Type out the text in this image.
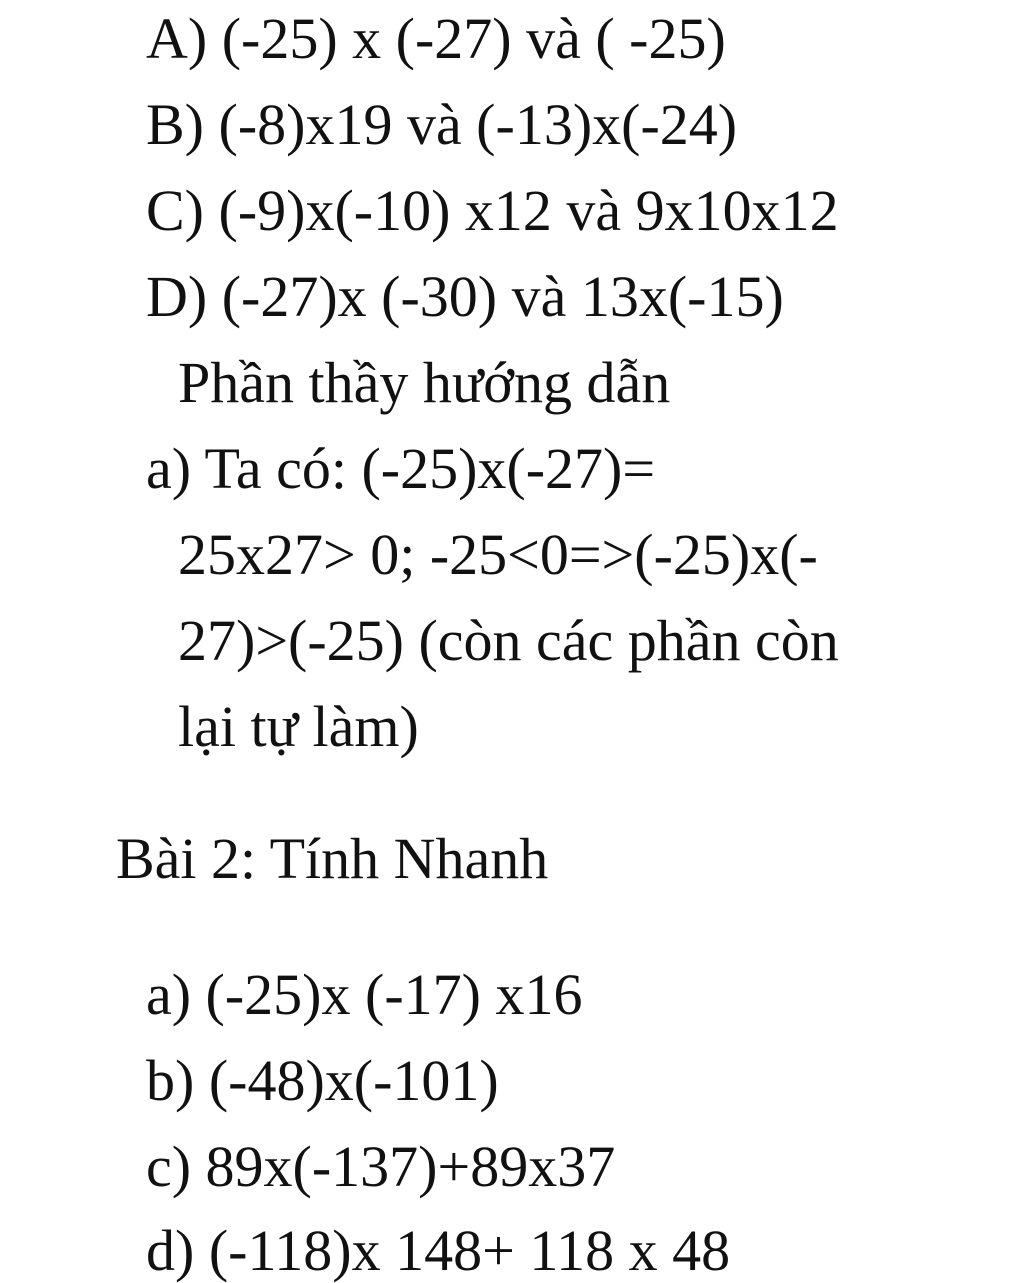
A) (-25) x (-27) và ( -25)

B) (-8)x19 và (-13)x(-24)

C) (-9)x(-10) x12 và 9x10x12

D) (-27)x (-30) và 13x(-15)

Phần thầy hướng dẫn

a) Ta có: (-25)x(-27)=

25x27> 0; -25<0=>(-25)x(-

27)>(-25) (còn các phần còn

lại tự làm)

Bài 2: Tính Nhanh

a) (-25)x (-17) x16

b) (-48)x(-101)

c) 89x(-137)+89x37

d) (-118)x 148+ 118 x 48
